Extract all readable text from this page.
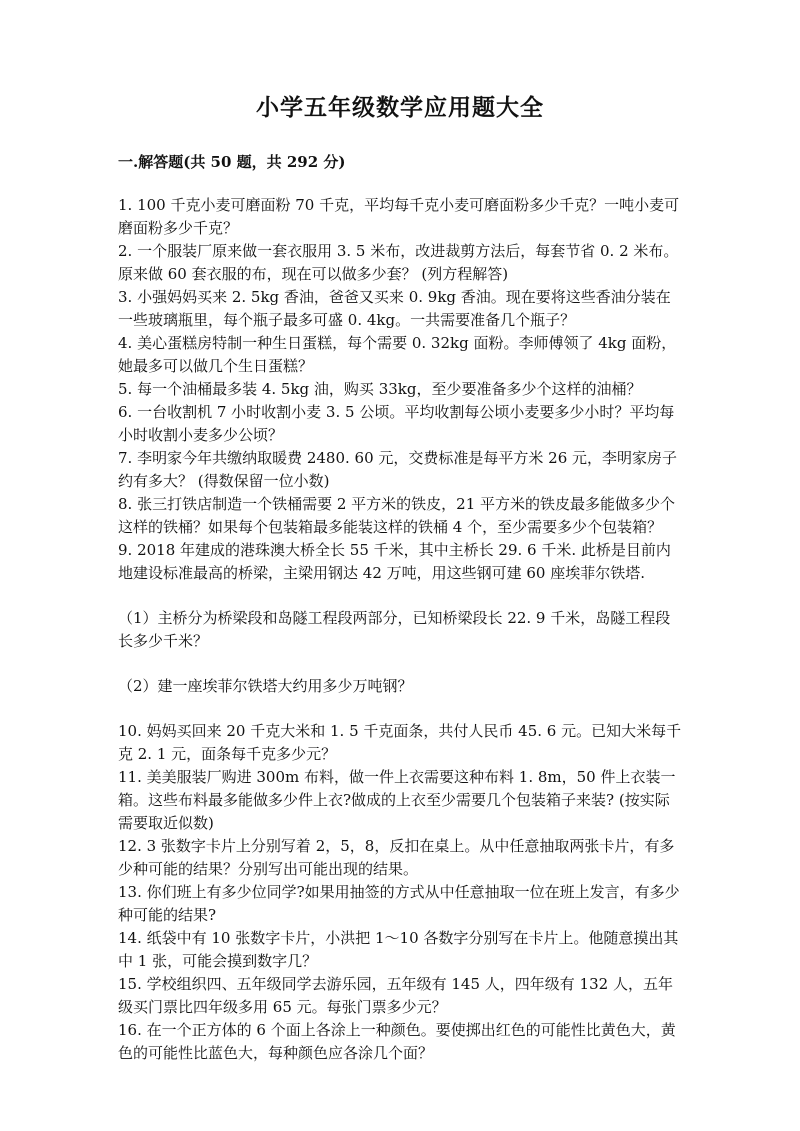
小学五年级数学应用题大全
一.解答题(共 50 题，共 292 分)

1. 100 千克小麦可磨面粉 70 千克，平均每千克小麦可磨面粉多少千克？一吨小麦可磨面粉多少千克？

2. 一个服装厂原来做一套衣服用 3. 5 米布，改进裁剪方法后，每套节省 0. 2 米布。原来做 60 套衣服的布，现在可以做多少套？ (列方程解答)

3. 小强妈妈买来 2. 5kg 香油，爸爸又买来 0. 9kg 香油。现在要将这些香油分装在一些玻璃瓶里，每个瓶子最多可盛 0. 4kg。一共需要准备几个瓶子？

4. 美心蛋糕房特制一种生日蛋糕，每个需要 0. 32kg 面粉。李师傅领了 4kg 面粉，她最多可以做几个生日蛋糕？

5. 每一个油桶最多装 4. 5kg 油，购买 33kg，至少要准备多少个这样的油桶？

6. 一台收割机 7 小时收割小麦 3. 5 公顷。平均收割每公顷小麦要多少小时？平均每小时收割小麦多少公顷？

7. 李明家今年共缴纳取暖费 2480. 60 元，交费标准是每平方米 26 元，李明家房子约有多大？ (得数保留一位小数)

8. 张三打铁店制造一个铁桶需要 2 平方米的铁皮，21 平方米的铁皮最多能做多少个这样的铁桶？如果每个包装箱最多能装这样的铁桶 4 个，至少需要多少个包装箱？

9. 2018 年建成的港珠澳大桥全长 55 千米，其中主桥长 29. 6 千米. 此桥是目前内地建设标准最高的桥梁，主梁用钢达 42 万吨，用这些钢可建 60 座埃菲尔铁塔.

（1）主桥分为桥梁段和岛隧工程段两部分，已知桥梁段长 22. 9 千米，岛隧工程段长多少千米？

（2）建一座埃菲尔铁塔大约用多少万吨钢？

10. 妈妈买回来 20 千克大米和 1. 5 千克面条，共付人民币 45. 6 元。已知大米每千克 2. 1 元，面条每千克多少元？

11. 美美服装厂购进 300m 布料，做一件上衣需要这种布料 1. 8m，50 件上衣装一箱。这些布料最多能做多少件上衣?做成的上衣至少需要几个包装箱子来装? (按实际需要取近似数)

12. 3 张数字卡片上分别写着 2，5，8，反扣在桌上。从中任意抽取两张卡片，有多少种可能的结果？分别写出可能出现的结果。

13. 你们班上有多少位同学?如果用抽签的方式从中任意抽取一位在班上发言，有多少种可能的结果?

14. 纸袋中有 10 张数字卡片，小洪把 1～10 各数字分别写在卡片上。他随意摸出其中 1 张，可能会摸到数字几？

15. 学校组织四、五年级同学去游乐园，五年级有 145 人，四年级有 132 人，五年级买门票比四年级多用 65 元。每张门票多少元？

16. 在一个正方体的 6 个面上各涂上一种颜色。要使掷出红色的可能性比黄色大，黄色的可能性比蓝色大，每种颜色应各涂几个面？
